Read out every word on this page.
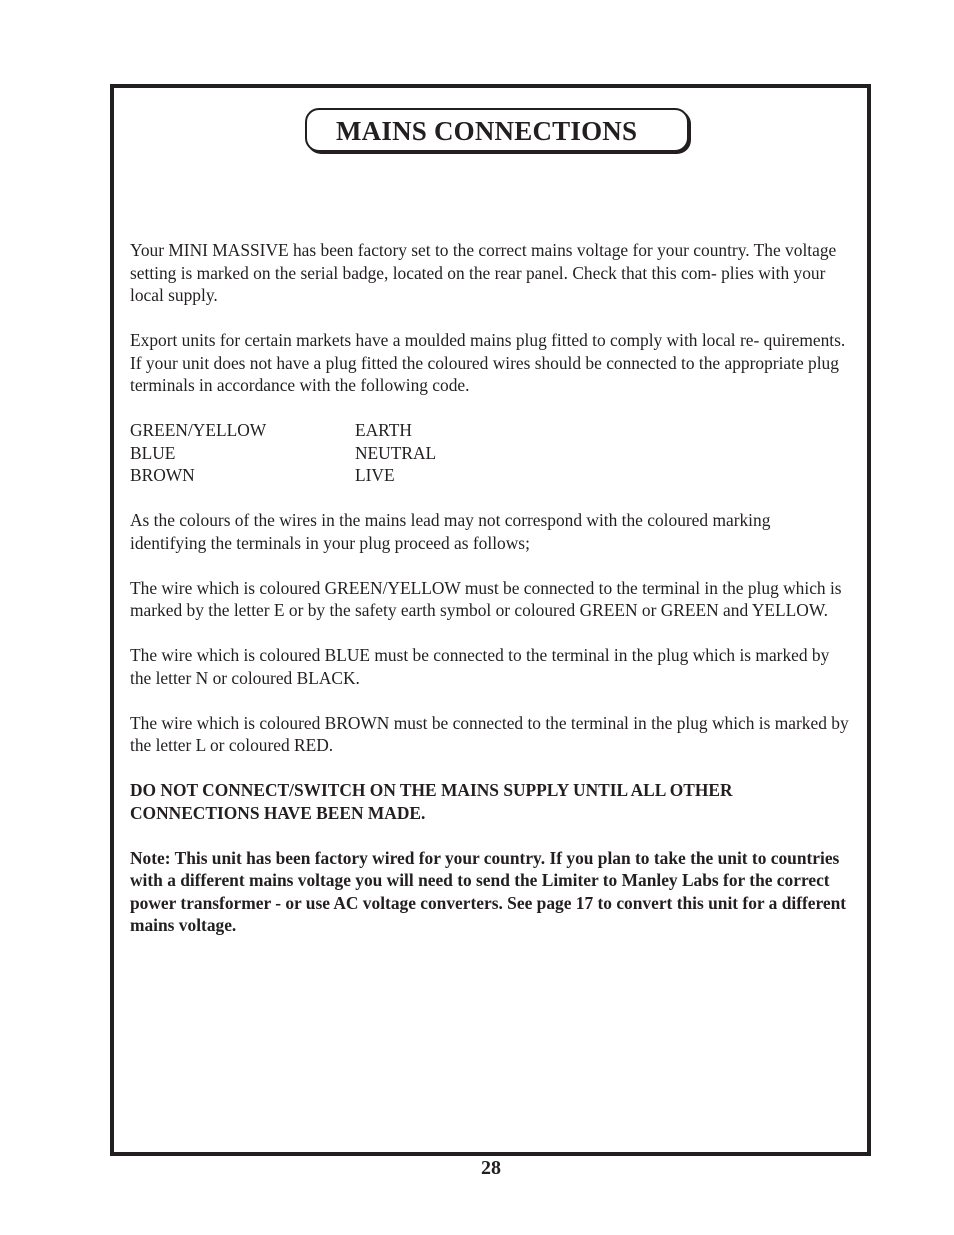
MAINS CONNECTIONS

Your MINI MASSIVE has been factory set to the correct mains voltage for your country. The voltage setting is marked on the serial badge, located on the rear panel. Check that this com- plies with your local supply.

Export units for certain markets have a moulded mains plug fitted to comply with local re- quirements. If your unit does not have a plug fitted the coloured wires should be connected to the appropriate plug terminals in accordance with the following code.

GREEN/YELLOW	EARTH
BLUE	NEUTRAL
BROWN	LIVE

As the colours of the wires in the mains lead may not correspond with the coloured marking identifying the terminals in your plug proceed as follows;

The wire which is coloured GREEN/YELLOW must be connected to the terminal in the plug which is marked by the letter E or by the safety earth symbol or coloured GREEN or GREEN and YELLOW.

The wire which is coloured BLUE must be connected to the terminal in the plug which is marked by the letter N or coloured BLACK.

The wire which is coloured BROWN must be connected to the terminal in the plug which is marked by the letter L or coloured RED.

DO NOT CONNECT/SWITCH ON THE MAINS SUPPLY UNTIL ALL OTHER CONNECTIONS HAVE BEEN MADE.

Note: This unit has been factory wired for your country. If you plan to take the unit to countries with a different mains voltage you will need to send the Limiter to Manley Labs for the correct power transformer - or use AC voltage converters. See page 17 to convert this unit for a different mains voltage.

28
